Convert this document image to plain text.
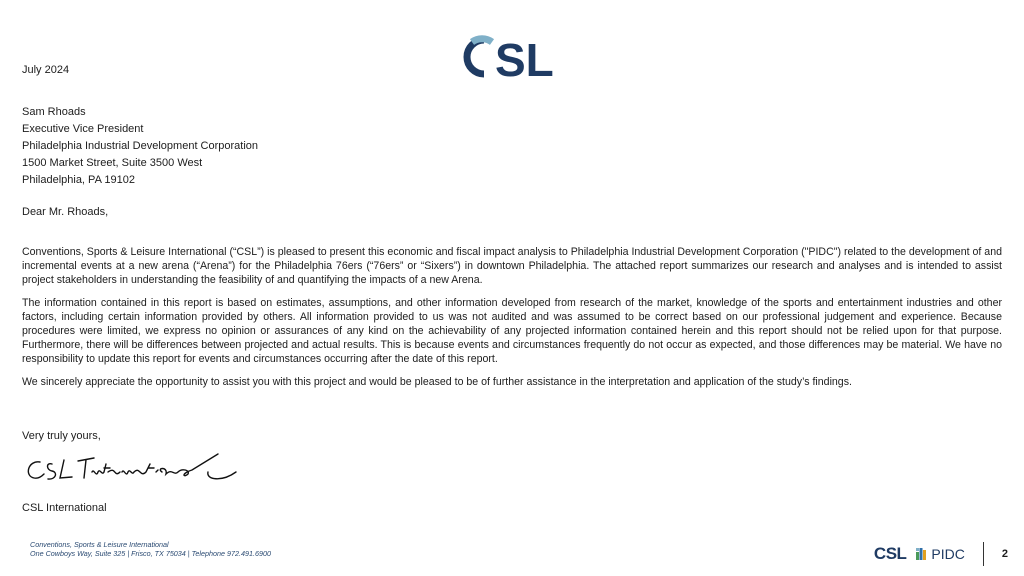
SL
July 2024
Sam Rhoads
Executive Vice President
Philadelphia Industrial Development Corporation
1500 Market Street, Suite 3500 West
Philadelphia, PA 19102
Dear Mr. Rhoads,

Conventions, Sports & Leisure International (“CSL”) is pleased to present this economic and fiscal impact analysis to Philadelphia Industrial Development Corporation ("PIDC") related to the development of and incremental events at a new arena (“Arena”) for the Philadelphia 76ers (“76ers” or “Sixers”) in downtown Philadelphia. The attached report summarizes our research and analyses and is intended to assist project stakeholders in understanding the feasibility of and quantifying the impacts of a new Arena.

The information contained in this report is based on estimates, assumptions, and other information developed from research of the market, knowledge of the sports and entertainment industries and other factors, including certain information provided by others. All information provided to us was not audited and was assumed to be correct based on our professional judgement and experience. Because procedures were limited, we express no opinion or assurances of any kind on the achievability of any projected information contained herein and this report should not be relied upon for that purpose. Furthermore, there will be differences between projected and actual results. This is because events and circumstances frequently do not occur as expected, and those differences may be material. We have no responsibility to update this report for events and circumstances occurring after the date of this report.

We sincerely appreciate the opportunity to assist you with this project and would be pleased to be of further assistance in the interpretation and application of the study’s findings.

Very truly yours,
CSL International
Conventions, Sports & Leisure International
One Cowboys Way, Suite 325 | Frisco, TX 75034 | Telephone 972.491.6900	CSL PIDC	2
